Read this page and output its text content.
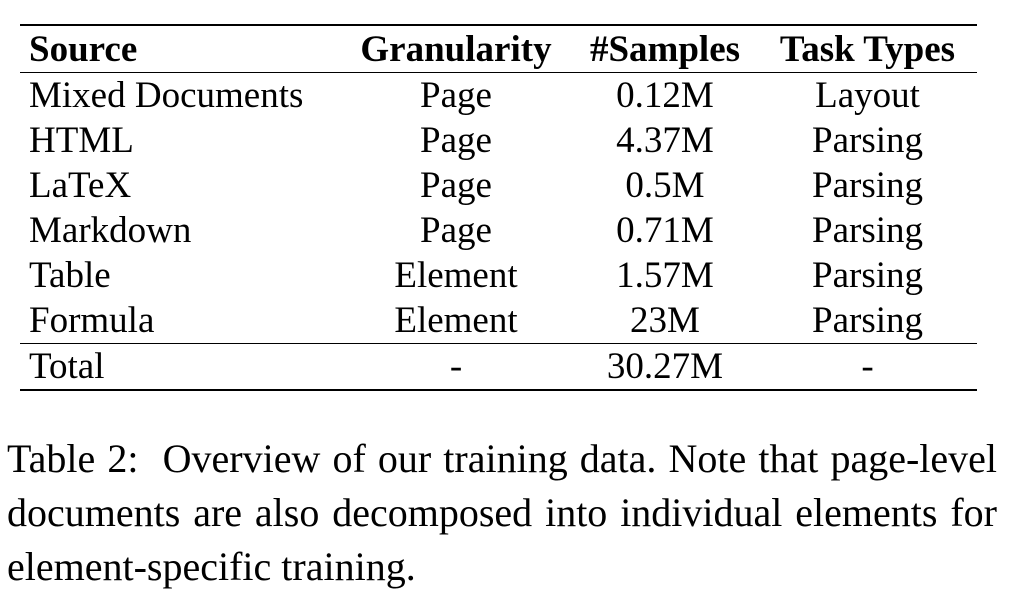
Source	Granularity	#Samples	Task Types
Mixed Documents	Page	0.12M	Layout
HTML	Page	4.37M	Parsing
LaTeX	Page	0.5M	Parsing
Markdown	Page	0.71M	Parsing
Table	Element	1.57M	Parsing
Formula	Element	23M	Parsing
Total	-	30.27M	-

Table 2: Overview of our training data. Note that page-level documents are also decomposed into individual elements for element-specific training.
